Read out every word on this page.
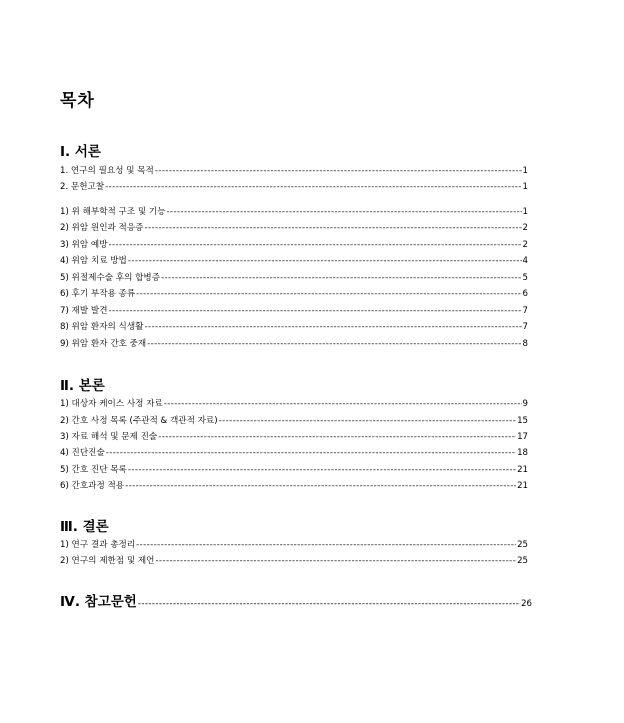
목차
Ⅰ. 서론
1. 연구의 필요성 및 목적 -----	1
2. 문헌고찰 -----	1
1) 위 해부학적 구조 및 기능 -----	1
2) 위암 원인과 적응증 -----	2
3) 위암 예방 -----	2
4) 위암 치료 방법 -----	4
5) 위절제수술 후의 합병증 -----	5
6) 후기 부작용 종류 -----	6
7) 재발 발견 -----	7
8) 위암 환자의 식생활 -----	7
9) 위암 환자 간호 중재 -----	8
Ⅱ. 본론
1) 대상자 케이스 사정 자료 -----	9
2) 간호 사정 목록 (주관적 & 객관적 자료) -----	15
3) 자료 해석 및 문제 진술 -----	17
4) 진단진술 -----	18
5) 간호 진단 목록 -----	21
6) 간호과정 적용 -----	21
Ⅲ. 결론
1) 연구 결과 총정리 -----	25
2) 연구의 제한점 및 제언 -----	25
Ⅳ. 참고문헌 -----	26
